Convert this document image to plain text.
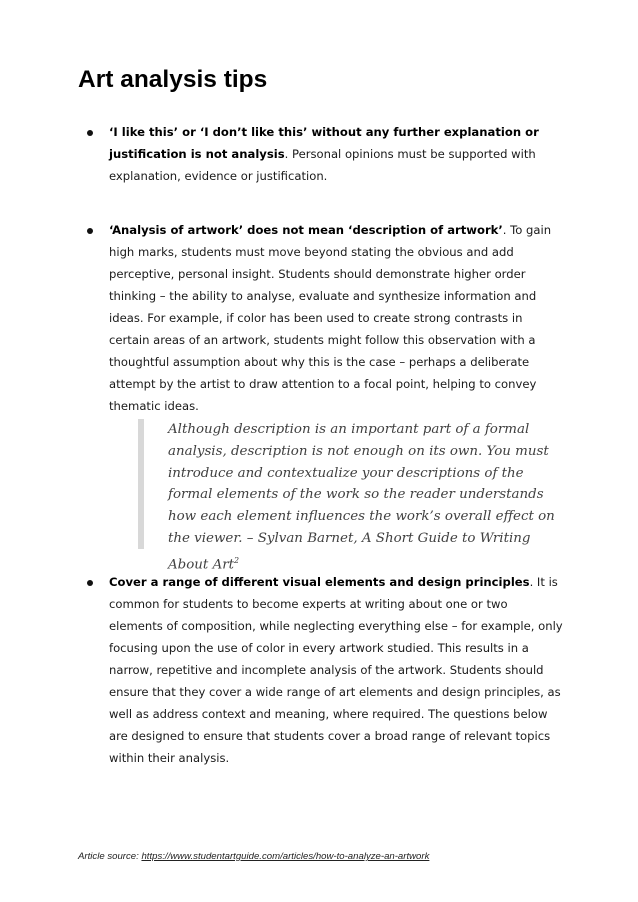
Art analysis tips
‘I like this’ or ‘I don’t like this’ without any further explanation or justification is not analysis. Personal opinions must be supported with explanation, evidence or justification.
‘Analysis of artwork’ does not mean ‘description of artwork’. To gain high marks, students must move beyond stating the obvious and add perceptive, personal insight. Students should demonstrate higher order thinking – the ability to analyse, evaluate and synthesize information and ideas. For example, if color has been used to create strong contrasts in certain areas of an artwork, students might follow this observation with a thoughtful assumption about why this is the case – perhaps a deliberate attempt by the artist to draw attention to a focal point, helping to convey thematic ideas.
Although description is an important part of a formal analysis, description is not enough on its own. You must introduce and contextualize your descriptions of the formal elements of the work so the reader understands how each element influences the work’s overall effect on the viewer. – Sylvan Barnet, A Short Guide to Writing About Art$^2$
Cover a range of different visual elements and design principles. It is common for students to become experts at writing about one or two elements of composition, while neglecting everything else – for example, only focusing upon the use of color in every artwork studied. This results in a narrow, repetitive and incomplete analysis of the artwork. Students should ensure that they cover a wide range of art elements and design principles, as well as address context and meaning, where required. The questions below are designed to ensure that students cover a broad range of relevant topics within their analysis.
Article source: https://www.studentartguide.com/articles/how-to-analyze-an-artwork
